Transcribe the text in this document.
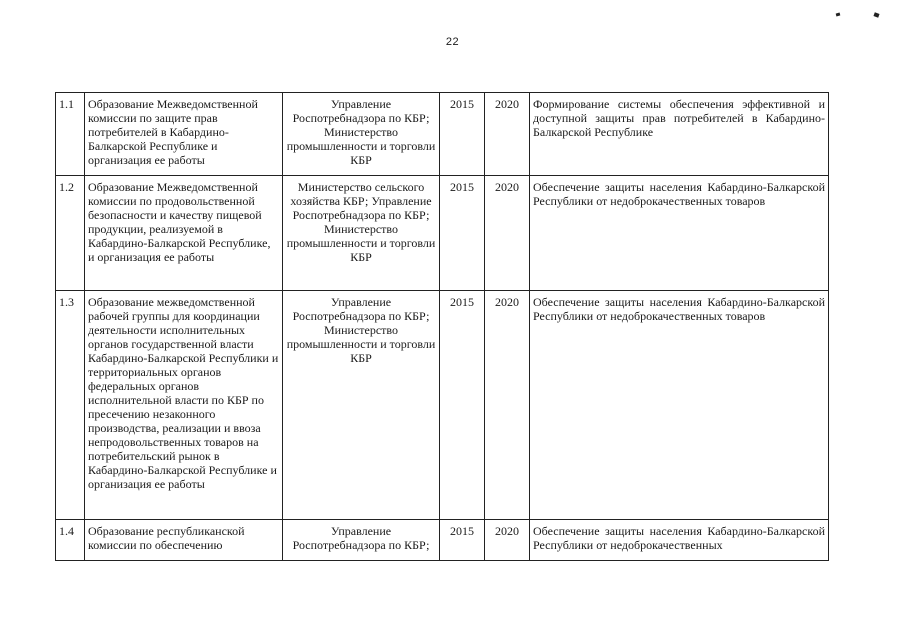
22
1.1	Образование Межведомственной комиссии по защите прав потребителей в Кабардино-Балкарской Республике и организация ее работы	Управление Роспотребнадзора по КБР; Министерство промышленности и торговли КБР	2015	2020	Формирование системы обеспечения эффективной и доступной защиты прав потребителей в Кабардино-Балкарской Республике
1.2	Образование Межведомственной комиссии по продовольственной безопасности и качеству пищевой продукции, реализуемой в Кабардино-Балкарской Республике, и организация ее работы	Министерство сельского хозяйства КБР; Управление Роспотребнадзора по КБР; Министерство промышленности и торговли КБР	2015	2020	Обеспечение защиты населения Кабардино-Балкарской Республики от недоброкачественных товаров
1.3	Образование межведомственной рабочей группы для координации деятельности исполнительных органов государственной власти Кабардино-Балкарской Республики и территориальных органов федеральных органов исполнительной власти по КБР по пресечению незаконного производства, реализации и ввоза непродовольственных товаров на потребительский рынок в Кабардино-Балкарской Республике и организация ее работы	Управление Роспотребнадзора по КБР; Министерство промышленности и торговли КБР	2015	2020	Обеспечение защиты населения Кабардино-Балкарской Республики от недоброкачественных товаров
1.4	Образование республиканской комиссии по обеспечению	Управление Роспотребнадзора по КБР;	2015	2020	Обеспечение защиты населения Кабардино-Балкарской Республики от недоброкачественных
